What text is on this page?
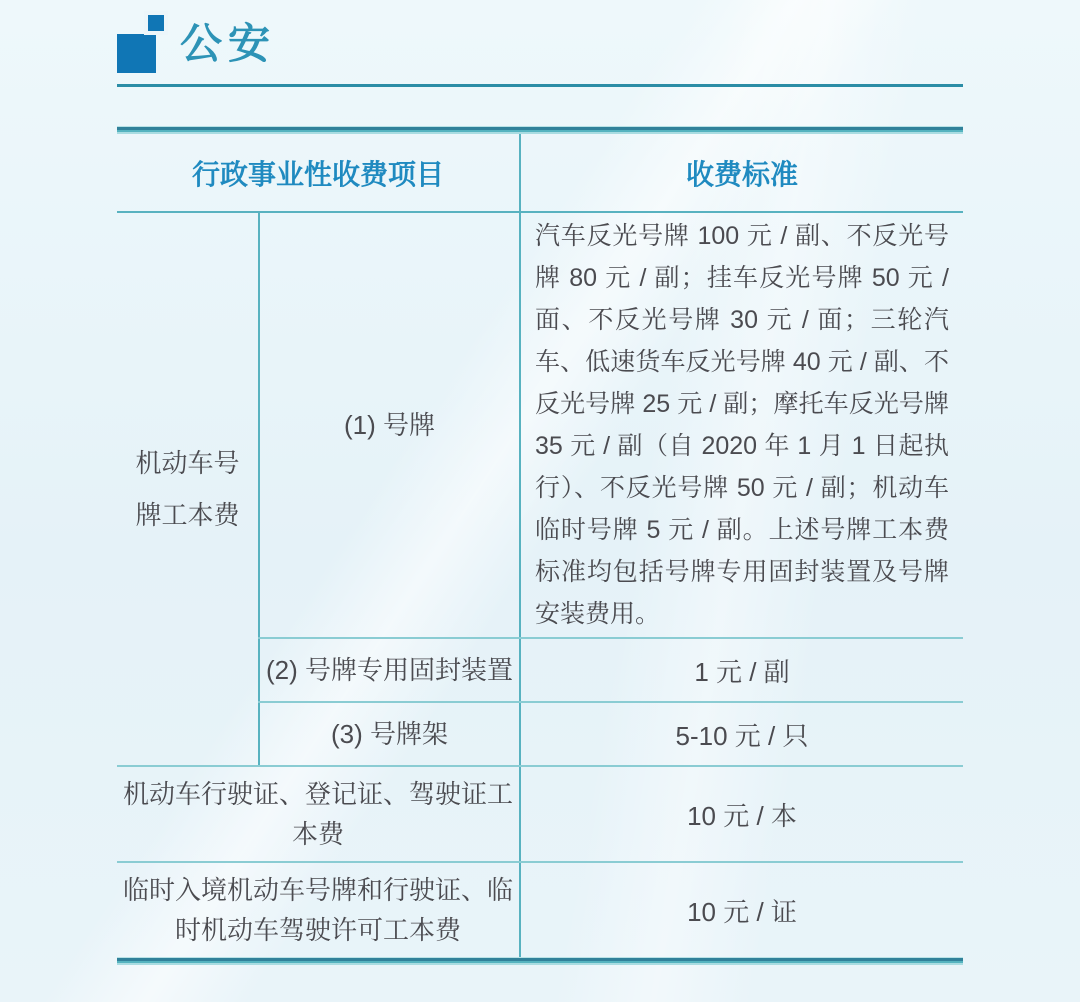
公安
行政事业性收费项目		收费标准
机动车号牌工本费	(1) 号牌	汽车反光号牌 100 元 / 副、不反光号牌 80 元 / 副；挂车反光号牌 50 元 / 面、不反光号牌 30 元 / 面；三轮汽车、低速货车反光号牌 40 元 / 副、不反光号牌 25 元 / 副；摩托车反光号牌 35 元 / 副（自 2020 年 1 月 1 日起执行）、不反光号牌 50 元 / 副；机动车临时号牌 5 元 / 副。上述号牌工本费标准均包括号牌专用固封装置及号牌安装费用。
	(2) 号牌专用固封装置	1 元 / 副
	(3) 号牌架	5-10 元 / 只
机动车行驶证、登记证、驾驶证工本费		10 元 / 本
临时入境机动车号牌和行驶证、临时机动车驾驶许可工本费		10 元 / 证
